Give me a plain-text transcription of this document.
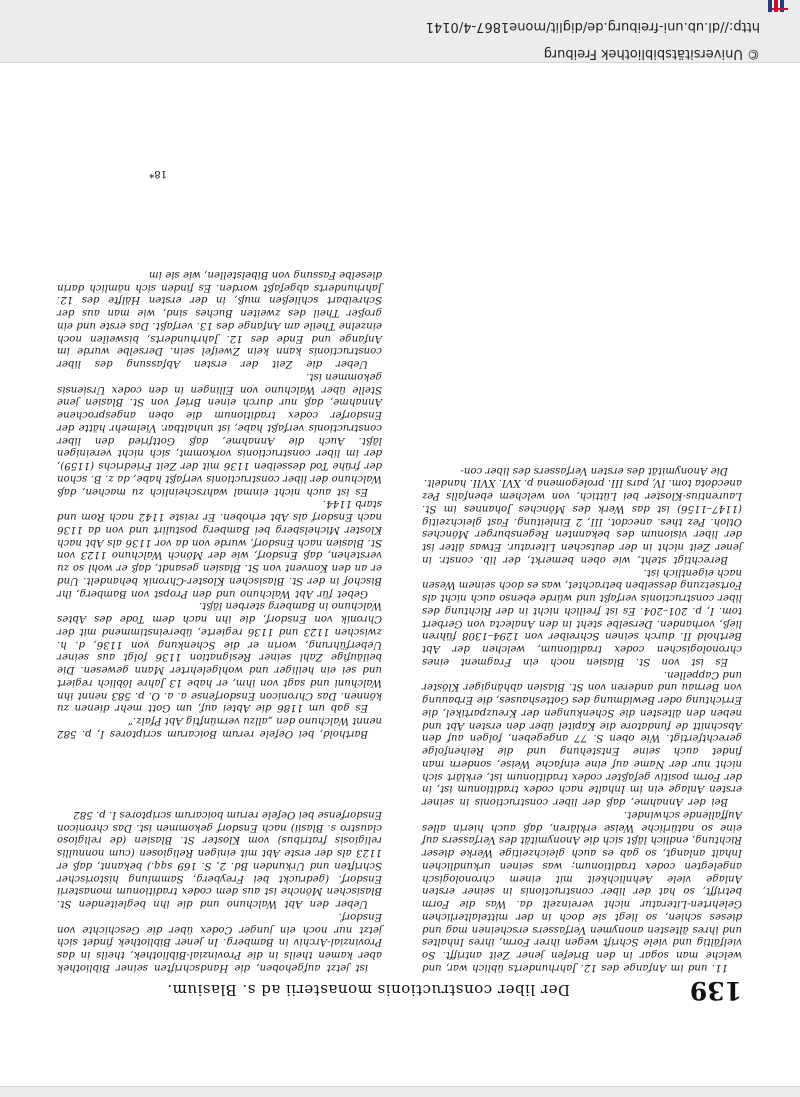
© Universitätsbibliothek Freiburg

http://dl.ub.uni-freiburg.de/diglit/mone1867-4/0141

139

Der liber constructionis monasterii ad s. Blasium.

11. und im Anfange des 12. Jahrhunderts üblich war, und welche man sogar in den Briefen jener Zeit antrifft. So vielfältig und viele Schrift wegen ihrer Form, ihres Inhaltes und ihres ältesten anonymen Verfassers erscheinen mag und dieses schien, so liegt sie doch in der mittelalterlichen Gelehrten-Literatur nicht vereinzelt da. Was die Form betrifft, so hat der liber constructionis in seiner ersten Anlage viele Aehnlichkeit mit einem chronologisch angelegten codex traditionum; was seinen urkundlichen Inhalt anlangt, so gab es auch gleichzeitige Werke dieser Richtung, endlich läßt sich die Anonymität des Verfassers auf eine so natürliche Weise erklären, daß auch hierin alles Auffallende schwindet.

Bei der Annahme, daß der liber constructionis in seiner ersten Anlage ein im Inhalte nach codex traditionum ist, in der Form positiv gefaßter codex traditionum ist, erklärt sich nicht nur der Name auf eine einfache Weise, sondern man findet auch seine Entstehung und die Reihenfolge gerechtfertigt. Wie oben S. 77 angegeben, folgen auf den Abschnitt de fundatore die Kapitel über den ersten Abt und neben den ältesten die Schenkungen der Kreuzpartikel, die Errichtung oder Bewidmung des Gotteshauses, die Erbauung von Bernau und anderen von St. Blasien abhängiger Klöster und Cappellen.

Es ist von St. Blasien noch ein Fragment eines chronologischen codex traditionum, welchen der Abt Berthold II. durch seinen Schreiber von 1294–1308 führen ließ, vorhanden. Derselbe steht in den Analecta von Gerbert tom. I, p. 201–204. Es ist freilich nicht in der Richtung des liber constructionis verfaßt und würde ebenso auch nicht als Fortsetzung desselben betrachtet, was es doch seinem Wesen nach eigentlich ist.

Berechtigt steht, wie oben bemerkt, der lib. constr. in jener Zeit nicht in der deutschen Literatur. Etwas älter ist der liber visionum des bekannten Regensburger Mönches Otloh. Pez thes. anecdot. III, 2 Einleitung. Fast gleichzeitig (1147–1156) ist das Werk des Mönches Johannes im St. Laurentius-Kloster bei Lüttich, von welchem ebenfalls Pez anecdota tom. IV, pars III. prolegomena p. XVI. XVII. handelt.

Die Anonymität des ersten Verfassers des liber con-

ist jetzt aufgehoben, die Handschriften seiner Bibliothek aber kamen theils in die Provinzial-Bibliothek, theils in das Provinzial-Archiv in Bamberg. In jener Bibliothek findet sich jetzt nur noch ein junger Codex über die Geschichte von Ensdorf.

Ueber den Abt Walchuno und die ihn begleitenden St. Blasischen Mönche ist aus dem codex traditionum monasterii Ensdorf. (gedruckt bei Freyberg, Sammlung historischer Schriften und Urkunden Bd. 2, S. 169 sqq.) bekannt, daß er 1123 als der erste Abt mit einigen Religiosen (cum nonnullis religiosis fratribus) vom Kloster St. Blasien (de religioso claustro s. Blasii) nach Ensdorf gekommen ist. Das chronicon Ensdorfense bei Oefele rerum boicarum scriptores I. p. 582

Barthold, bei Oefele rerum Boicarum scriptores I, p. 582 nennt Walchuno den „allzu vernünftig Abt Pfalz.“

Es gab um 1186 die Abtei auf, um Gott mehr dienen zu können. Das Chronicon Ensdorfense a. a. O. p. 583 nennt ihn Walchuni und sagt von ihm, er habe 13 Jahre löblich regiert und sei ein heiliger und wohlgelehrter Mann gewesen. Die beiläufige Zahl seiner Resignation 1136 folgt aus seiner Ueberführung, worin er die Schenkung von 1136, d. h. zwischen 1123 und 1136 regierte, übereinstimmend mit der Chronik von Ensdorf, die ihn nach dem Tode des Abtes Walchuno in Bamberg sterben läßt.

Gebet für Abt Walchuno und den Propst von Bamberg, ihr Bischof in der St. Blasischen Kloster-Chronik behandelt. Und er an den Konvent von St. Blasien gesandt, daß er wohl so zu verstehen, daß Ensdorf, wie der Mönch Walchuno 1123 von St. Blasien nach Ensdorf, wurde von da vor 1136 als Abt nach Kloster Michelsberg bei Bamberg postulirt und von da 1136 nach Ensdorf als Abt erhoben. Er reiste 1142 nach Rom und starb 1144.

Es ist auch nicht einmal wahrscheinlich zu machen, daß Walchuno der liber constructionis verfaßt habe, da z. B. schon der frühe Tod desselben 1136 mit der Zeit Friedrichs (1159), der im liber constructionis vorkommt, sich nicht vereinigen läßt. Auch die Annahme, daß Gottfried den liber constructionis verfaßt habe, ist unhaltbar. Vielmehr hätte der Ensdorfer codex traditionum die oben angesprochene Annahme, daß nur durch einen Brief von St. Blasien jene Stelle über Walchuno von Ellingen in den codex Ursiensis gekommen ist.

Ueber die Zeit der ersten Abfassung des liber constructionis kann kein Zweifel sein. Derselbe wurde im Anfange und Ende des 12. Jahrhunderts, bisweilen noch einzelne Theile am Anfange des 13. verfaßt. Das erste und ein großer Theil des zweiten Buches sind, wie man aus der Schreibart schließen muß, in der ersten Hälfte des 12. Jahrhunderts abgefaßt worden. Es finden sich nämlich darin dieselbe Fassung von Bibelstellen, wie sie im

18*
